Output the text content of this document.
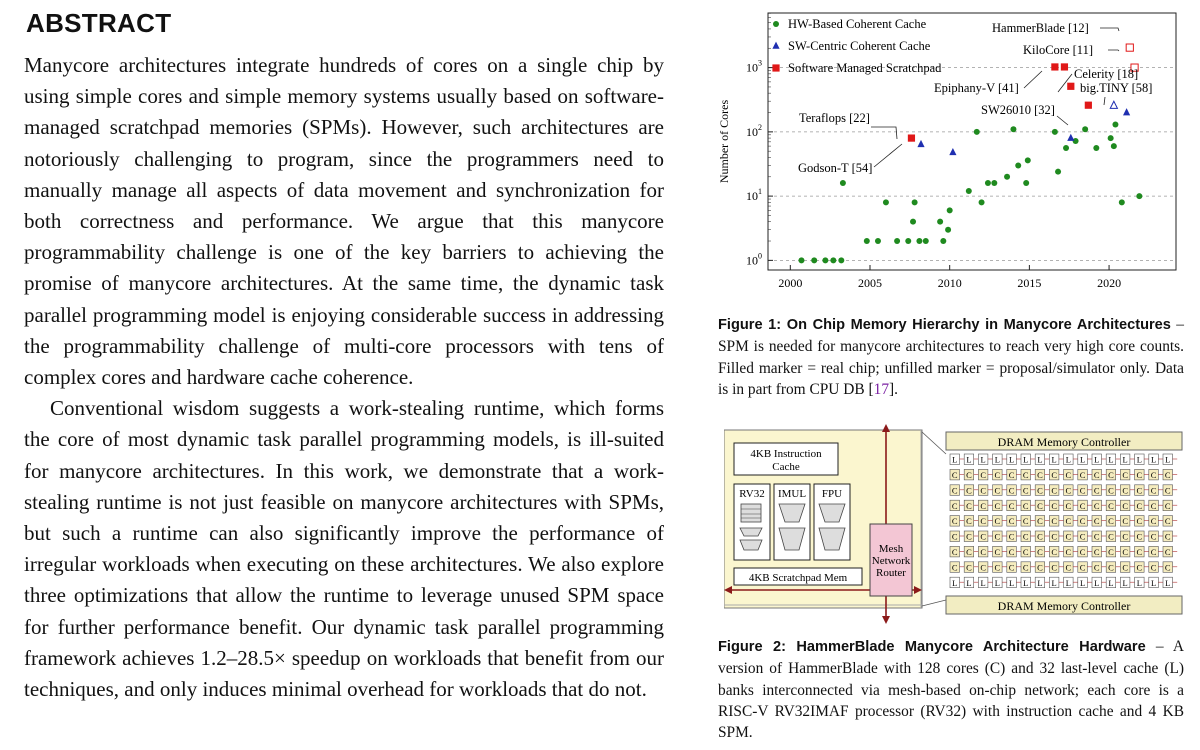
ABSTRACT

Manycore architectures integrate hundreds of cores on a single chip by using simple cores and simple memory systems usually based on software-managed scratchpad memories (SPMs). However, such architectures are notoriously challenging to program, since the programmers need to manually manage all aspects of data movement and synchronization for both correctness and performance. We argue that this manycore programmability challenge is one of the key barriers to achieving the promise of manycore architectures. At the same time, the dynamic task parallel programming model is enjoying considerable success in addressing the programmability challenge of multi-core processors with tens of complex cores and hardware cache coherence.

Conventional wisdom suggests a work-stealing runtime, which forms the core of most dynamic task parallel programming models, is ill-suited for manycore architectures. In this work, we demonstrate that a work-stealing runtime is not just feasible on manycore architectures with SPMs, but such a runtime can also significantly improve the performance of irregular workloads when executing on these architectures. We also explore three optimizations that allow the runtime to leverage unused SPM space for further performance benefit. Our dynamic task parallel programming framework achieves 1.2–28.5× speedup on workloads that benefit from our techniques, and only induces minimal overhead for workloads that do not.

$10^0$
$10^1$
$10^2$
$10^3$
2000	2005	2010	2015	2020
Number of Cores
HW-Based Coherent Cache
SW-Centric Coherent Cache
Software Managed Scratchpad
Teraflops [22]
Godson-T [54]
HammerBlade [12]
KiloCore [11]
Epiphany-V [41]
Celerity [18]
big.TINY [58]
SW26010 [32]
Figure 1: On Chip Memory Hierarchy in Manycore Architectures – SPM is needed for manycore architectures to reach very high core counts. Filled marker = real chip; unfilled marker = proposal/simulator only. Data is in part from CPU DB [17].
4KB Instruction
Cache
RV32 IMUL FPU
4KB Scratchpad Mem
Mesh
Network
Router
DRAM Memory Controller
DRAM Memory Controller
L L L L L L L L L L L L L L L L
C C C C C C C C C C C C C C C C
C C C C C C C C C C C C C C C C
C C C C C C C C C C C C C C C C
C C C C C C C C C C C C C C C C
C C C C C C C C C C C C C C C C
C C C C C C C C C C C C C C C C
C C C C C C C C C C C C C C C C
L L L L L L L L L L L L L L L L
Figure 2: HammerBlade Manycore Architecture Hardware – A version of HammerBlade with 128 cores (C) and 32 last-level cache (L) banks interconnected via mesh-based on-chip network; each core is a RISC-V RV32IMAF processor (RV32) with instruction cache and 4 KB SPM.
